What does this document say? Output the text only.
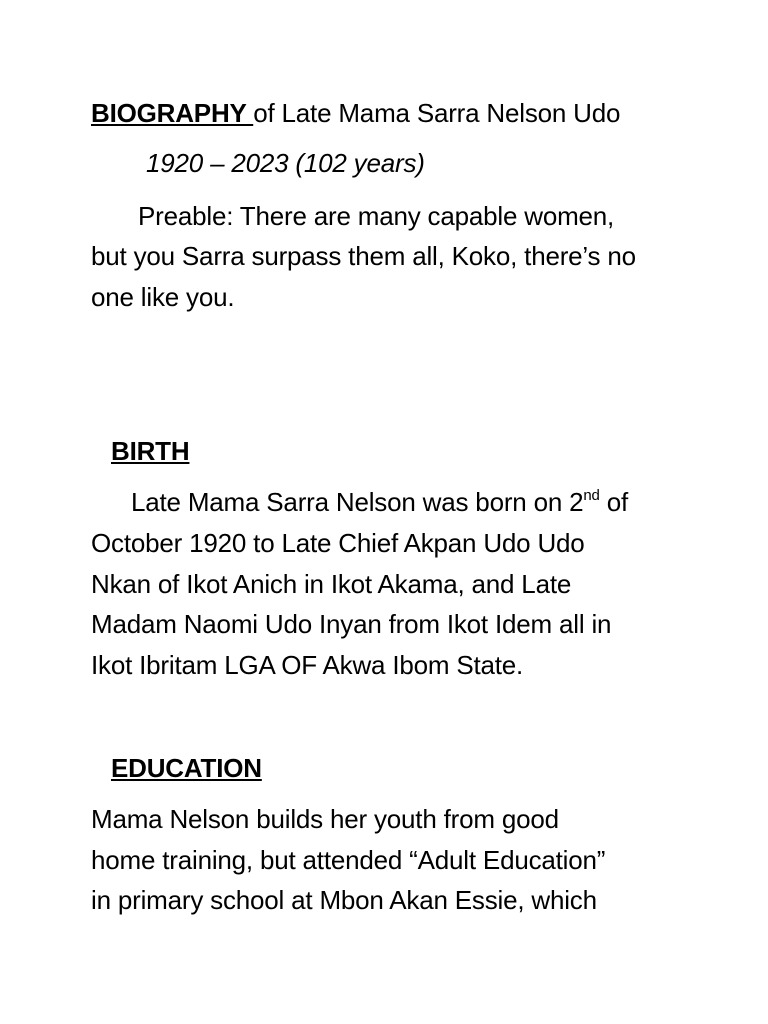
BIOGRAPHY of Late Mama Sarra Nelson Udo
1920 – 2023 (102 years)
Preable: There are many capable women,
but you Sarra surpass them all, Koko, there’s no
one like you.
BIRTH
Late Mama Sarra Nelson was born on 2nd of
October 1920 to Late Chief Akpan Udo Udo
Nkan of Ikot Anich in Ikot Akama, and Late
Madam Naomi Udo Inyan from Ikot Idem all in
Ikot Ibritam LGA OF Akwa Ibom State.
EDUCATION
Mama Nelson builds her youth from good
home training, but attended “Adult Education”
in primary school at Mbon Akan Essie, which
